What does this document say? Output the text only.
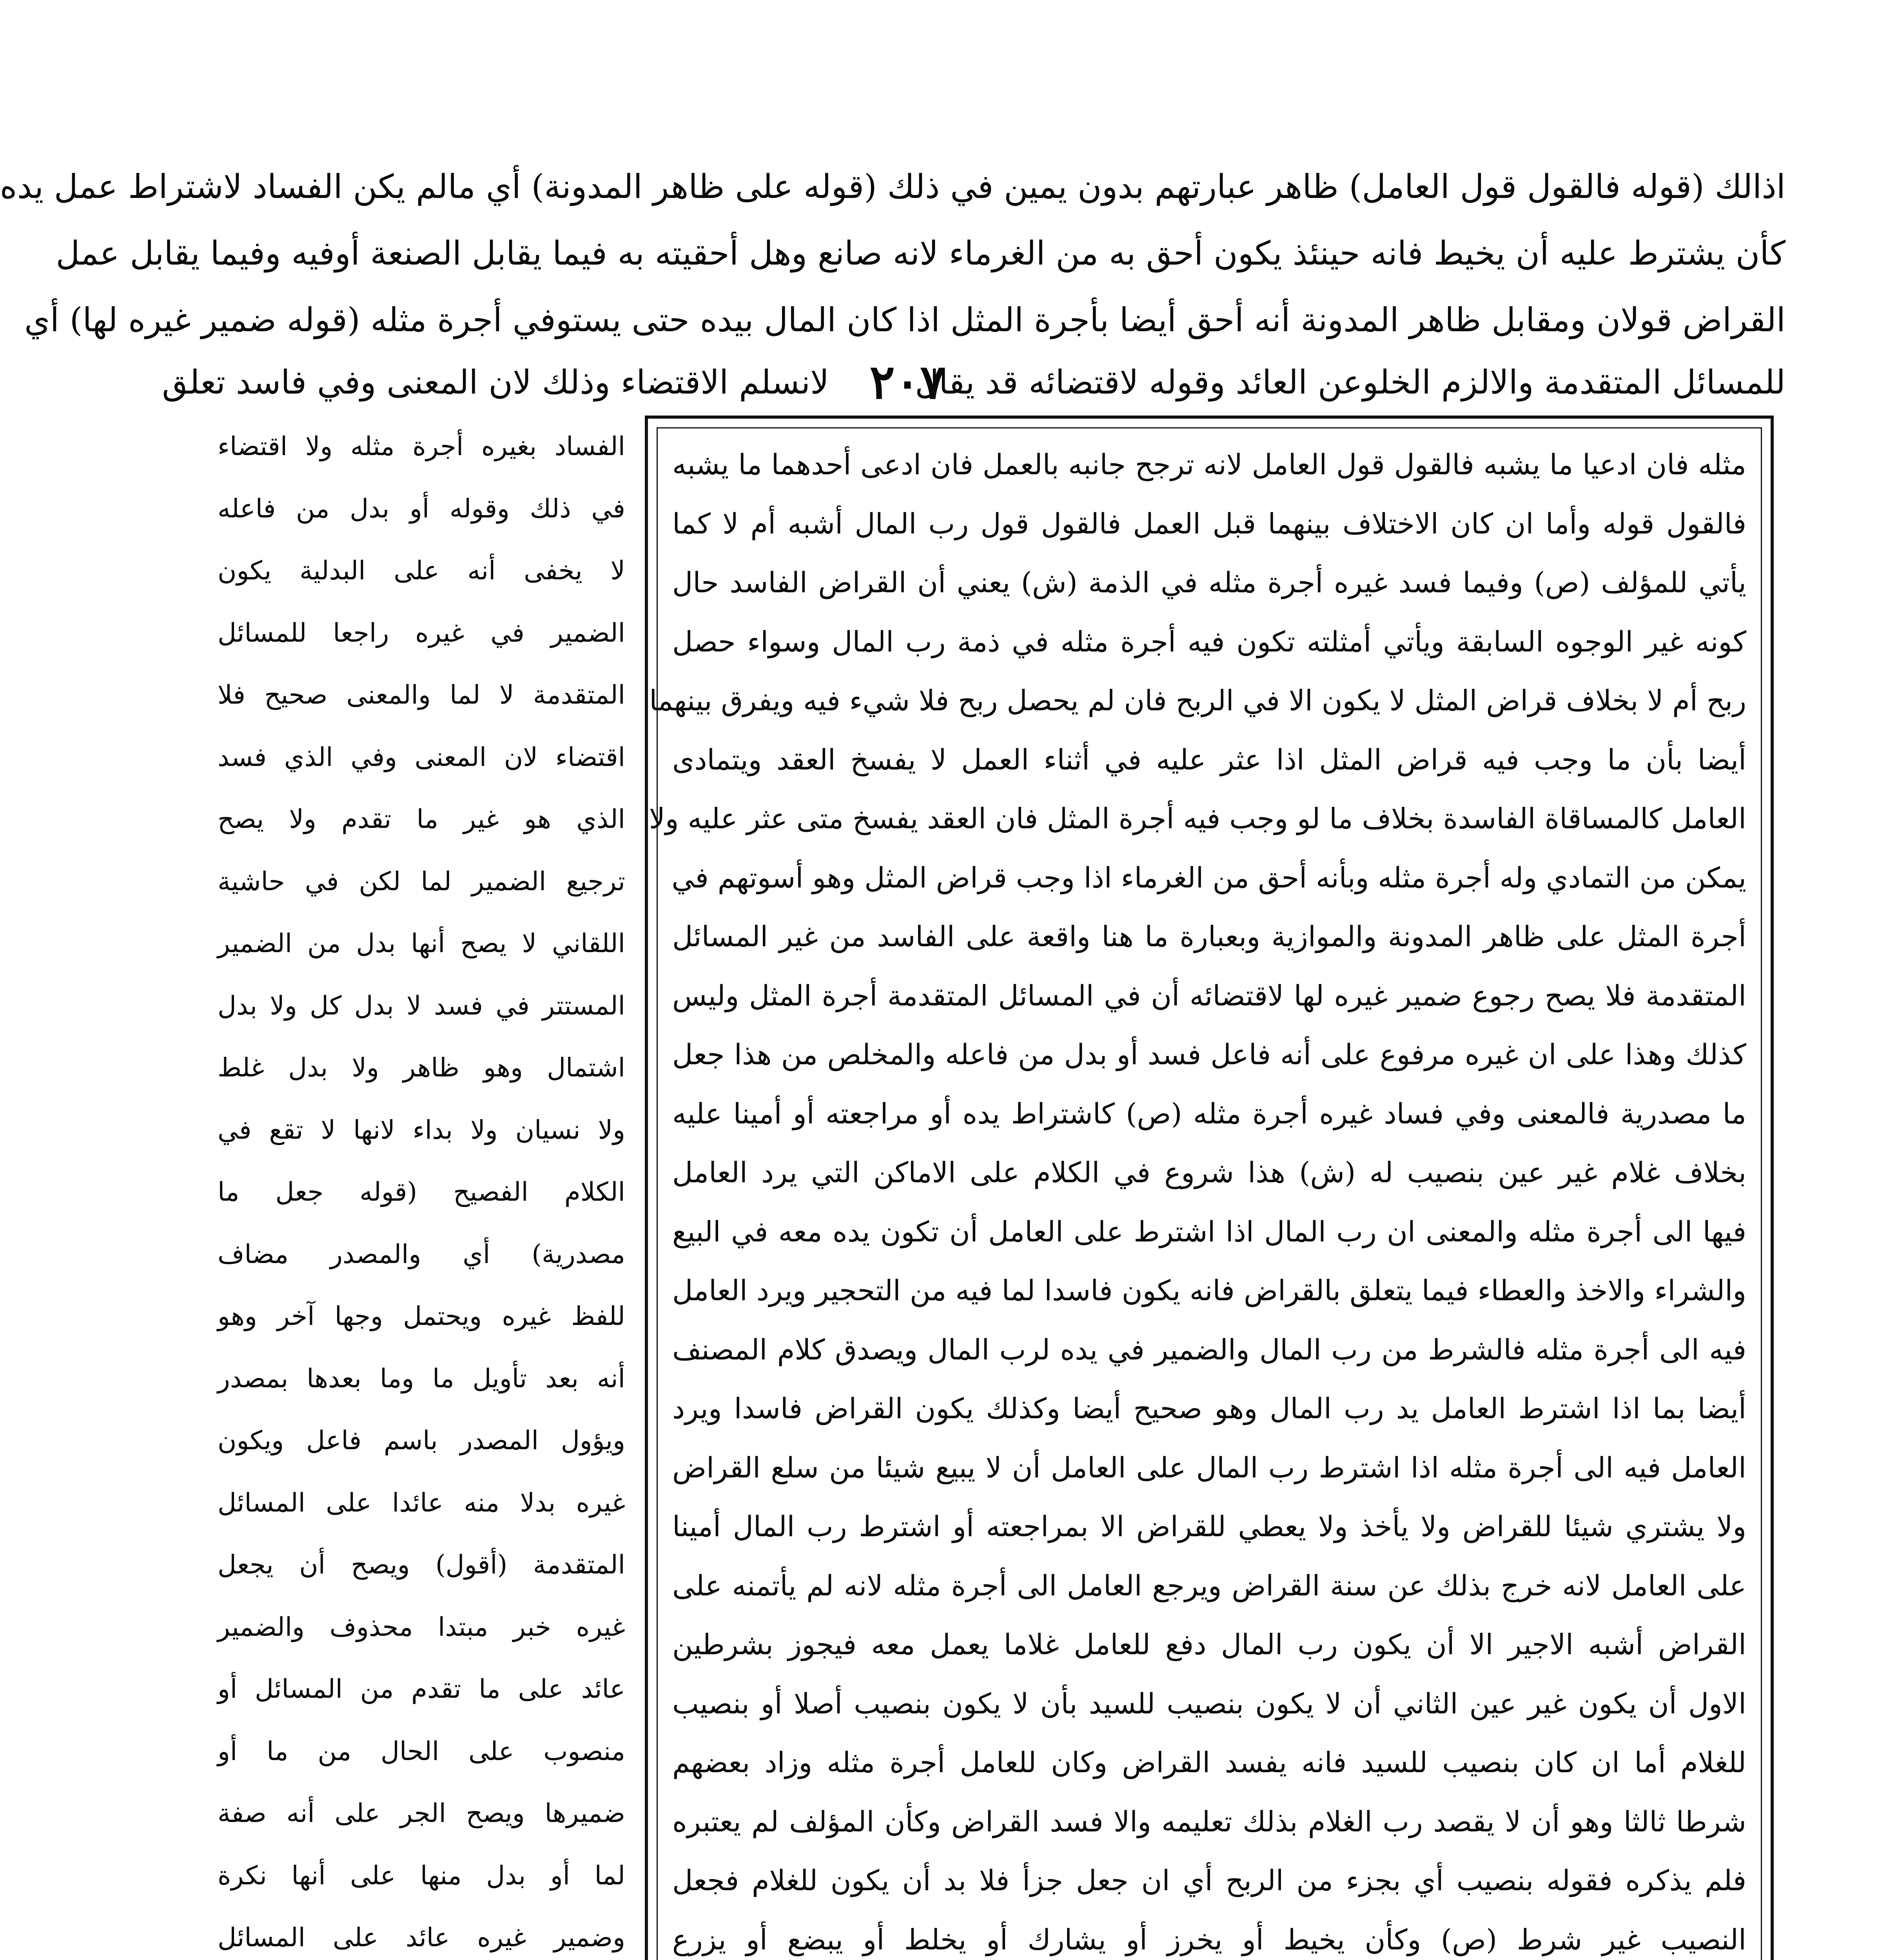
اذالك (قوله فالقول قول العامل) ظاهر عبارتهم بدون يمين في ذلك (قوله على ظاهر المدونة) أي مالم يكن الفساد لاشتراط عمل يده
كأن يشترط عليه أن يخيط فانه حينئذ يكون أحق به من الغرماء لانه صانع وهل أحقيته به فيما يقابل الصنعة أوفيه وفيما يقابل عمل
القراض قولان ومقابل ظاهر المدونة أنه أحق أيضا بأجرة المثل اذا كان المال بيده حتى يستوفي أجرة مثله (قوله ضمير غيره لها) أي
للمسائل المتقدمة والالزم الخلوعن العائد وقوله لاقتضائه قد يقال
٢٠٧
لانسلم الاقتضاء وذلك لان المعنى وفي فاسد تعلق
مثله فان ادعيا ما يشبه فالقول قول العامل لانه ترجح جانبه بالعمل فان ادعى أحدهما ما يشبه
فالقول قوله وأما ان كان الاختلاف بينهما قبل العمل فالقول قول رب المال أشبه أم لا كما
يأتي للمؤلف (ص) وفيما فسد غيره أجرة مثله في الذمة (ش) يعني أن القراض الفاسد حال
كونه غير الوجوه السابقة ويأتي أمثلته تكون فيه أجرة مثله في ذمة رب المال وسواء حصل
ربح أم لا بخلاف قراض المثل لا يكون الا في الربح فان لم يحصل ربح فلا شيء فيه ويفرق بينهما
أيضا بأن ما وجب فيه قراض المثل اذا عثر عليه في أثناء العمل لا يفسخ العقد ويتمادى
العامل كالمساقاة الفاسدة بخلاف ما لو وجب فيه أجرة المثل فان العقد يفسخ متى عثر عليه ولا
يمكن من التمادي وله أجرة مثله وبأنه أحق من الغرماء اذا وجب قراض المثل وهو أسوتهم في
أجرة المثل على ظاهر المدونة والموازية وبعبارة ما هنا واقعة على الفاسد من غير المسائل
المتقدمة فلا يصح رجوع ضمير غيره لها لاقتضائه أن في المسائل المتقدمة أجرة المثل وليس
كذلك وهذا على ان غيره مرفوع على أنه فاعل فسد أو بدل من فاعله والمخلص من هذا جعل
ما مصدرية فالمعنى وفي فساد غيره أجرة مثله (ص) كاشتراط يده أو مراجعته أو أمينا عليه
بخلاف غلام غير عين بنصيب له (ش) هذا شروع في الكلام على الاماكن التي يرد العامل
فيها الى أجرة مثله والمعنى ان رب المال اذا اشترط على العامل أن تكون يده معه في البيع
والشراء والاخذ والعطاء فيما يتعلق بالقراض فانه يكون فاسدا لما فيه من التحجير ويرد العامل
فيه الى أجرة مثله فالشرط من رب المال والضمير في يده لرب المال ويصدق كلام المصنف
أيضا بما اذا اشترط العامل يد رب المال وهو صحيح أيضا وكذلك يكون القراض فاسدا ويرد
العامل فيه الى أجرة مثله اذا اشترط رب المال على العامل أن لا يبيع شيئا من سلع القراض
ولا يشتري شيئا للقراض ولا يأخذ ولا يعطي للقراض الا بمراجعته أو اشترط رب المال أمينا
على العامل لانه خرج بذلك عن سنة القراض ويرجع العامل الى أجرة مثله لانه لم يأتمنه على
القراض أشبه الاجير الا أن يكون رب المال دفع للعامل غلاما يعمل معه فيجوز بشرطين
الاول أن يكون غير عين الثاني أن لا يكون بنصيب للسيد بأن لا يكون بنصيب أصلا أو بنصيب
للغلام أما ان كان بنصيب للسيد فانه يفسد القراض وكان للعامل أجرة مثله وزاد بعضهم
شرطا ثالثا وهو أن لا يقصد رب الغلام بذلك تعليمه والا فسد القراض وكأن المؤلف لم يعتبره
فلم يذكره فقوله بنصيب أي بجزء من الربح أي ان جعل جزأ فلا بد أن يكون للغلام فجعل
النصيب غير شرط (ص) وكأن يخيط أو يخرز أو يشارك أو يخلط أو يبضع أو يزرع
الفساد بغيره أجرة مثله ولا اقتضاء
في ذلك وقوله أو بدل من فاعله
لا يخفى أنه على البدلية يكون
الضمير في غيره راجعا للمسائل
المتقدمة لا لما والمعنى صحيح فلا
اقتضاء لان المعنى وفي الذي فسد
الذي هو غير ما تقدم ولا يصح
ترجيع الضمير لما لكن في حاشية
اللقاني لا يصح أنها بدل من الضمير
المستتر في فسد لا بدل كل ولا بدل
اشتمال وهو ظاهر ولا بدل غلط
ولا نسيان ولا بداء لانها لا تقع في
الكلام الفصيح (قوله جعل ما
مصدرية) أي والمصدر مضاف
للفظ غيره ويحتمل وجها آخر وهو
أنه بعد تأويل ما وما بعدها بمصدر
ويؤول المصدر باسم فاعل ويكون
غيره بدلا منه عائدا على المسائل
المتقدمة (أقول) ويصح أن يجعل
غيره خبر مبتدا محذوف والضمير
عائد على ما تقدم من المسائل أو
منصوب على الحال من ما أو
ضميرها ويصح الجر على أنه صفة
لما أو بدل منها على أنها نكرة
وضمير غيره عائد على المسائل
